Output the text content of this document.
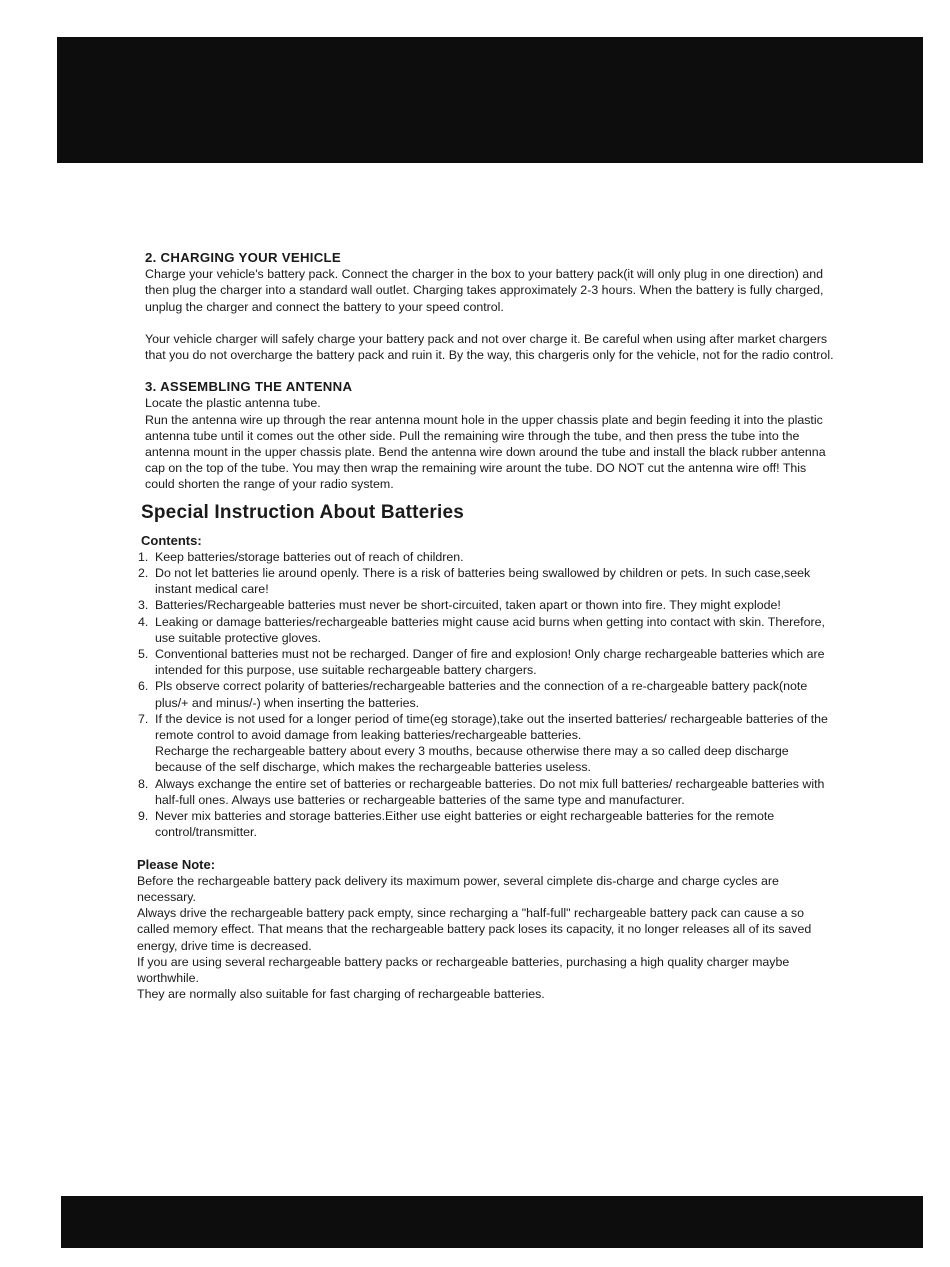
2. CHARGING YOUR VEHICLE

Charge your vehicle's battery pack. Connect the charger in the box to your battery pack(it will only plug in one direction) and then plug the charger into a standard wall outlet. Charging takes approximately 2-3 hours. When the battery is fully charged, unplug the charger and connect the battery to your speed control.

Your vehicle charger will safely charge your battery pack and not over charge it. Be careful when using after market chargers that you do not overcharge the battery pack and ruin it. By the way, this chargeris only for the vehicle, not for the radio control.

3. ASSEMBLING THE ANTENNA

Locate the plastic antenna tube.

Run the antenna wire up through the rear antenna mount hole in the upper chassis plate and begin feeding it into the plastic antenna tube until it comes out the other side. Pull the remaining wire through the tube, and then press the tube into the antenna mount in the upper chassis plate. Bend the antenna wire down around the tube and install the black rubber antenna cap on the top of the tube. You may then wrap the remaining wire arount the tube. DO NOT cut the antenna wire off! This could shorten the range of your radio system.

Special Instruction About Batteries
Contents:
1. Keep batteries/storage batteries out of reach of children.
2. Do not let batteries lie around openly. There is a risk of batteries being swallowed by children or pets. In such case,seek instant medical care!
3. Batteries/Rechargeable batteries must never be short-circuited, taken apart or thown into fire. They might explode!
4. Leaking or damage batteries/rechargeable batteries might cause acid burns when getting into contact with skin. Therefore, use suitable protective gloves.
5. Conventional batteries must not be recharged. Danger of fire and explosion! Only charge rechargeable batteries which are intended for this purpose, use suitable rechargeable battery chargers.
6. Pls observe correct polarity of batteries/rechargeable batteries and the connection of a re-chargeable battery pack(note plus/+ and minus/-) when inserting the batteries.
7. If the device is not used for a longer period of time(eg storage),take out the inserted batteries/ rechargeable batteries of the remote control to avoid damage from leaking batteries/rechargeable batteries.
Recharge the rechargeable battery about every 3 mouths, because otherwise there may a so called deep discharge because of the self discharge, which makes the rechargeable batteries useless.
8. Always exchange the entire set of batteries or rechargeable batteries. Do not mix full batteries/ rechargeable batteries with half-full ones. Always use batteries or rechargeable batteries of the same type and manufacturer.
9. Never mix batteries and storage batteries.Either use eight batteries or eight rechargeable batteries for the remote control/transmitter.
Please Note:

Before the rechargeable battery pack delivery its maximum power, several cimplete dis-charge and charge cycles are necessary.

Always drive the rechargeable battery pack empty, since recharging a "half-full" rechargeable battery pack can cause a so called memory effect. That means that the rechargeable battery pack loses its capacity, it no longer releases all of its saved energy, drive time is decreased.

If you are using several rechargeable battery packs or rechargeable batteries, purchasing a high quality charger maybe worthwhile.

They are normally also suitable for fast charging of rechargeable batteries.
